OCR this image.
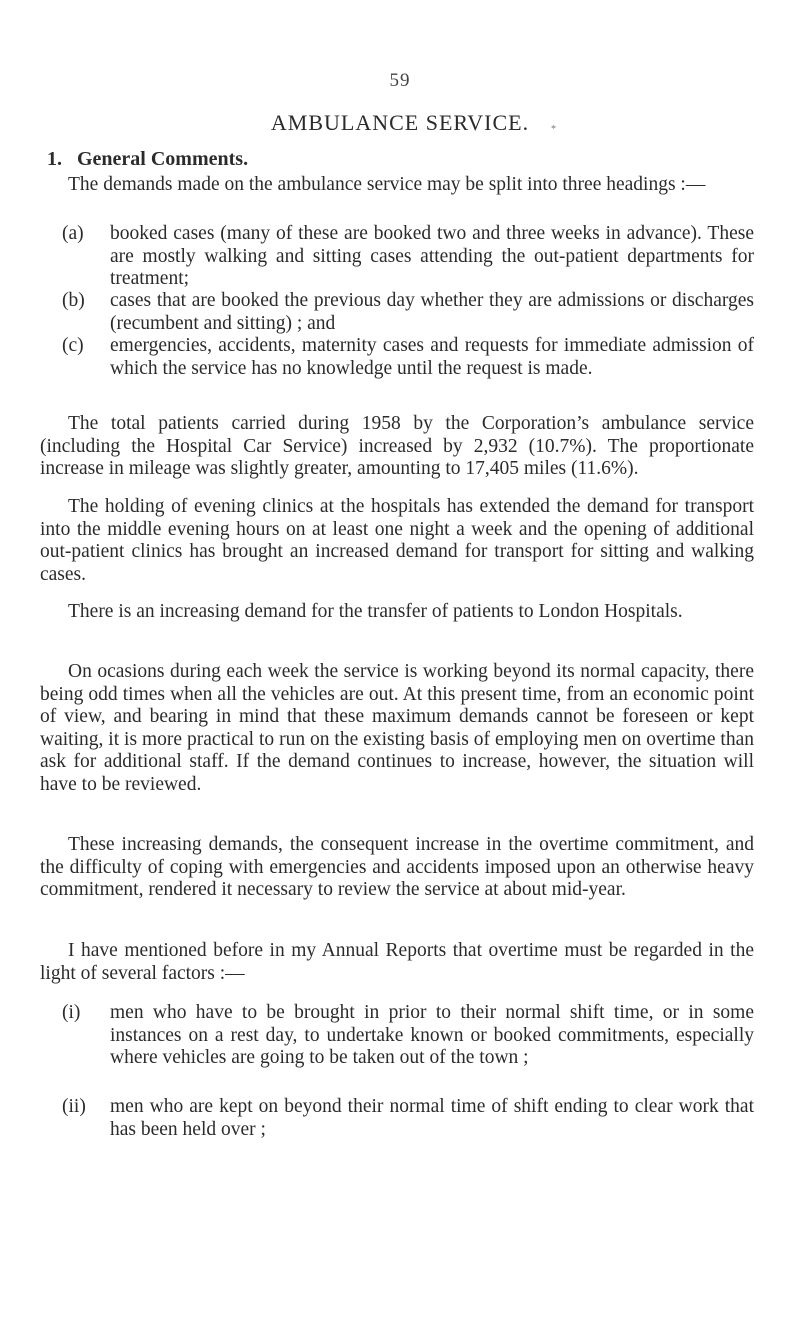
59
AMBULANCE SERVICE.	*
1. General Comments.
The demands made on the ambulance service may be split into three headings :—
(a) booked cases (many of these are booked two and three weeks in advance). These are mostly walking and sitting cases attending the out-patient departments for treatment;
(b) cases that are booked the previous day whether they are admissions or discharges (recumbent and sitting) ; and
(c) emergencies, accidents, maternity cases and requests for immediate admission of which the service has no knowledge until the request is made.
The total patients carried during 1958 by the Corporation’s ambulance service (including the Hospital Car Service) increased by 2,932 (10.7%). The proportionate increase in mileage was slightly greater, amounting to 17,405 miles (11.6%).
The holding of evening clinics at the hospitals has extended the demand for transport into the middle evening hours on at least one night a week and the opening of additional out-patient clinics has brought an increased demand for transport for sitting and walking cases.
There is an increasing demand for the transfer of patients to London Hospitals.
On ocasions during each week the service is working beyond its normal capacity, there being odd times when all the vehicles are out. At this present time, from an economic point of view, and bearing in mind that these maximum demands cannot be foreseen or kept waiting, it is more practical to run on the existing basis of employing men on overtime than ask for additional staff. If the demand continues to increase, however, the situation will have to be reviewed.
These increasing demands, the consequent increase in the overtime commitment, and the difficulty of coping with emergencies and accidents imposed upon an otherwise heavy commitment, rendered it necessary to review the service at about mid-year.
I have mentioned before in my Annual Reports that overtime must be regarded in the light of several factors :—
(i) men who have to be brought in prior to their normal shift time, or in some instances on a rest day, to undertake known or booked commitments, especially where vehicles are going to be taken out of the town ;
(ii) men who are kept on beyond their normal time of shift ending to clear work that has been held over ;
